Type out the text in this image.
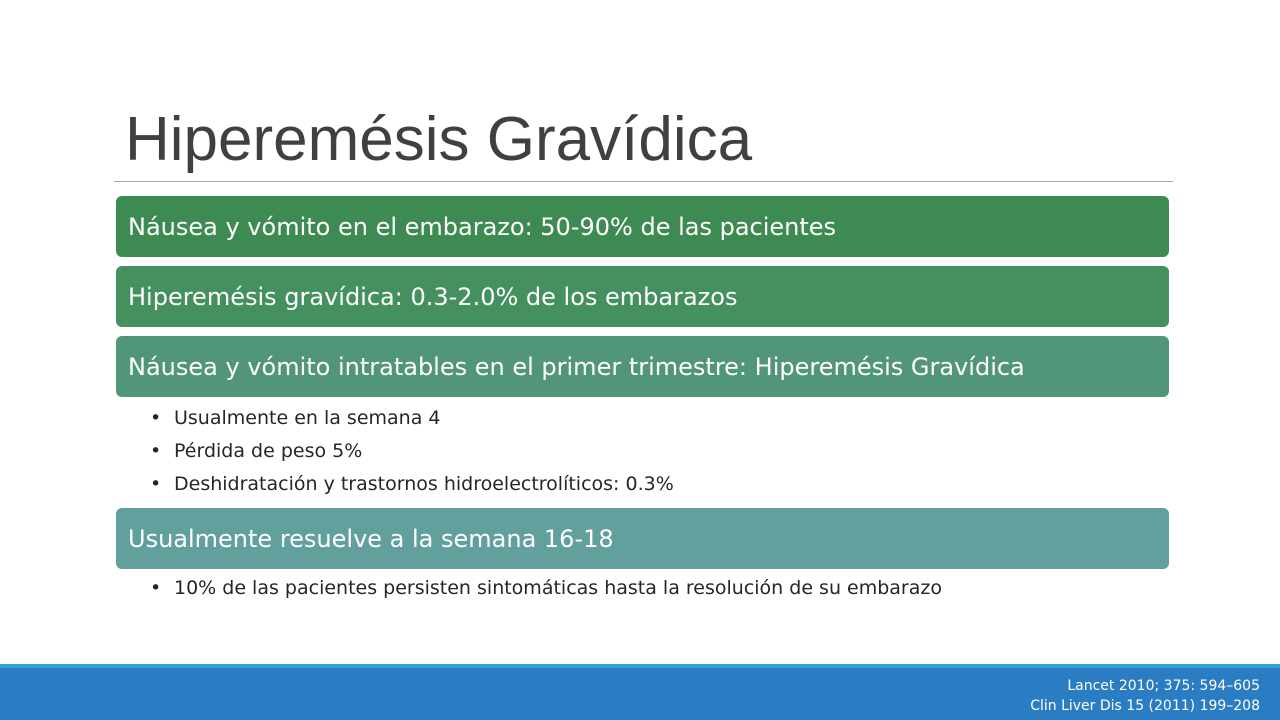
Hiperemésis Gravídica
Náusea y vómito en el embarazo: 50-90% de las pacientes
Hiperemésis gravídica: 0.3-2.0% de los embarazos
Náusea y vómito intratables en el primer trimestre: Hiperemésis Gravídica
• Usualmente en la semana 4
• Pérdida de peso 5%
• Deshidratación y trastornos hidroelectrolíticos: 0.3%
Usualmente resuelve a la semana 16-18
• 10% de las pacientes persisten sintomáticas hasta la resolución de su embarazo
Lancet 2010; 375: 594–605
Clin Liver Dis 15 (2011) 199–208
